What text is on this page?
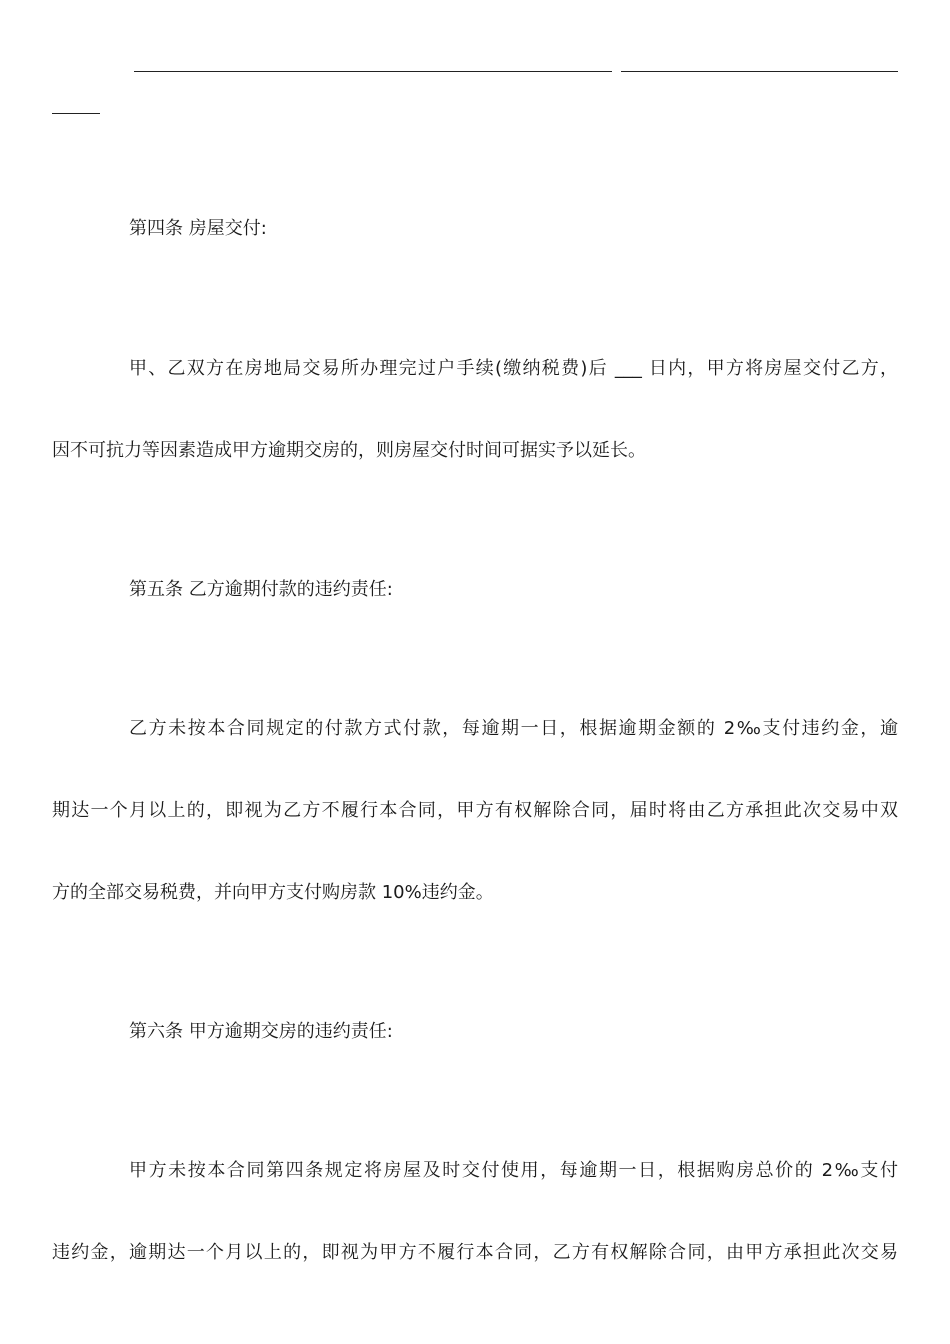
第四条 房屋交付:
甲、乙双方在房地局交易所办理完过户手续(缴纳税费)后 ___ 日内，甲方将房屋交付乙方，
因不可抗力等因素造成甲方逾期交房的，则房屋交付时间可据实予以延长。
第五条 乙方逾期付款的违约责任:
乙方未按本合同规定的付款方式付款，每逾期一日，根据逾期金额的 2‰支付违约金，逾
期达一个月以上的，即视为乙方不履行本合同，甲方有权解除合同，届时将由乙方承担此次交易中双
方的全部交易税费，并向甲方支付购房款 10%违约金。
第六条 甲方逾期交房的违约责任:
甲方未按本合同第四条规定将房屋及时交付使用，每逾期一日，根据购房总价的 2‰支付
违约金，逾期达一个月以上的，即视为甲方不履行本合同，乙方有权解除合同，由甲方承担此次交易
